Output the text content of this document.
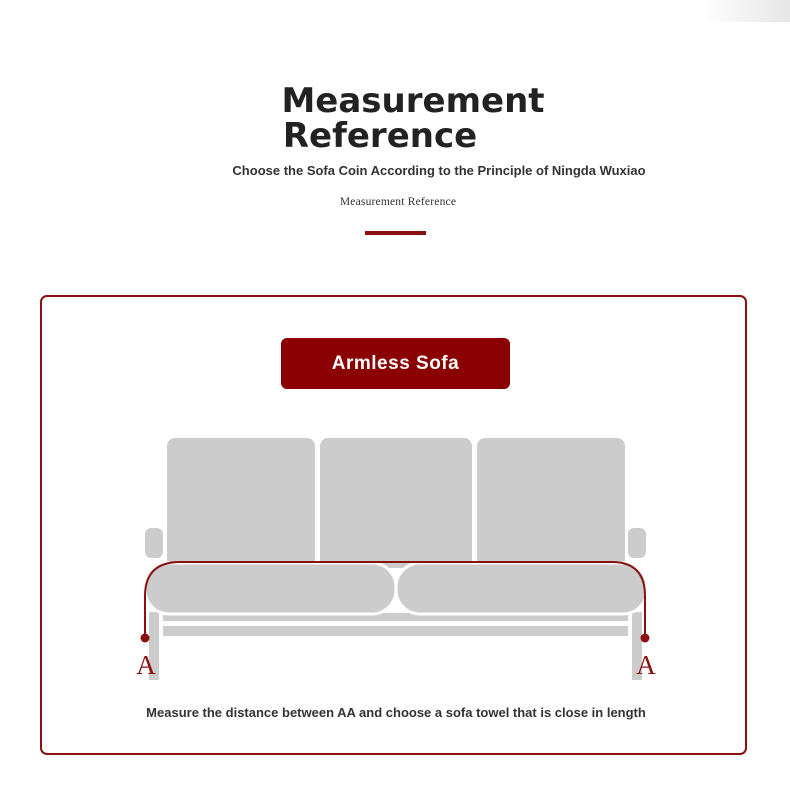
Measurement
Reference
Choose the Sofa Coin According to the Principle of Ningda Wuxiao
Measurement Reference
Armless Sofa
A	A
Measure the distance between AA and choose a sofa towel that is close in length
